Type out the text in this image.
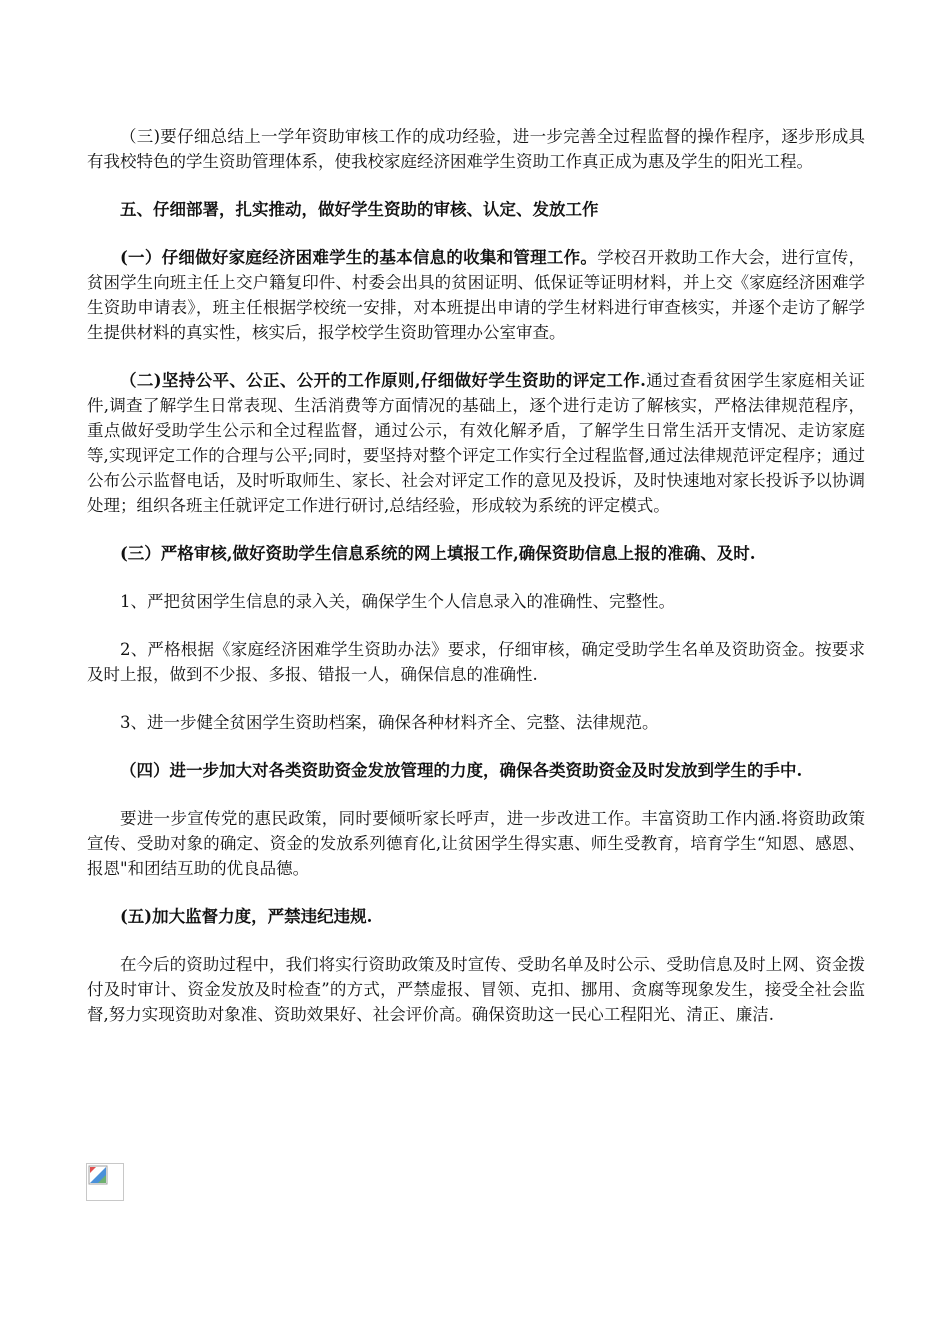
（三)要仔细总结上一学年资助审核工作的成功经验，进一步完善全过程监督的操作程序，逐步形成具有我校特色的学生资助管理体系，使我校家庭经济困难学生资助工作真正成为惠及学生的阳光工程。

五、仔细部署，扎实推动，做好学生资助的审核、认定、发放工作

(一）仔细做好家庭经济困难学生的基本信息的收集和管理工作。学校召开救助工作大会，进行宣传，贫困学生向班主任上交户籍复印件、村委会出具的贫困证明、低保证等证明材料，并上交《家庭经济困难学生资助申请表》，班主任根据学校统一安排，对本班提出申请的学生材料进行审查核实，并逐个走访了解学生提供材料的真实性，核实后，报学校学生资助管理办公室审查。

（二)坚持公平、公正、公开的工作原则,仔细做好学生资助的评定工作.通过查看贫困学生家庭相关证件,调查了解学生日常表现、生活消费等方面情况的基础上，逐个进行走访了解核实，严格法律规范程序，重点做好受助学生公示和全过程监督，通过公示，有效化解矛盾，了解学生日常生活开支情况、走访家庭等,实现评定工作的合理与公平;同时，要坚持对整个评定工作实行全过程监督,通过法律规范评定程序；通过公布公示监督电话，及时听取师生、家长、社会对评定工作的意见及投诉，及时快速地对家长投诉予以协调处理；组织各班主任就评定工作进行研讨,总结经验，形成较为系统的评定模式。

(三）严格审核,做好资助学生信息系统的网上填报工作,确保资助信息上报的准确、及时.

1、严把贫困学生信息的录入关，确保学生个人信息录入的准确性、完整性。

2、严格根据《家庭经济困难学生资助办法》要求，仔细审核，确定受助学生名单及资助资金。按要求及时上报，做到不少报、多报、错报一人，确保信息的准确性.

3、进一步健全贫困学生资助档案，确保各种材料齐全、完整、法律规范。

（四）进一步加大对各类资助资金发放管理的力度，确保各类资助资金及时发放到学生的手中.

要进一步宣传党的惠民政策，同时要倾听家长呼声，进一步改进工作。丰富资助工作内涵.将资助政策宣传、受助对象的确定、资金的发放系列德育化,让贫困学生得实惠、师生受教育，培育学生“知恩、感恩、报恩"和团结互助的优良品德。

(五)加大监督力度，严禁违纪违规.

在今后的资助过程中，我们将实行资助政策及时宣传、受助名单及时公示、受助信息及时上网、资金拨付及时审计、资金发放及时检查”的方式，严禁虚报、冒领、克扣、挪用、贪腐等现象发生，接受全社会监督,努力实现资助对象准、资助效果好、社会评价高。确保资助这一民心工程阳光、清正、廉洁.
